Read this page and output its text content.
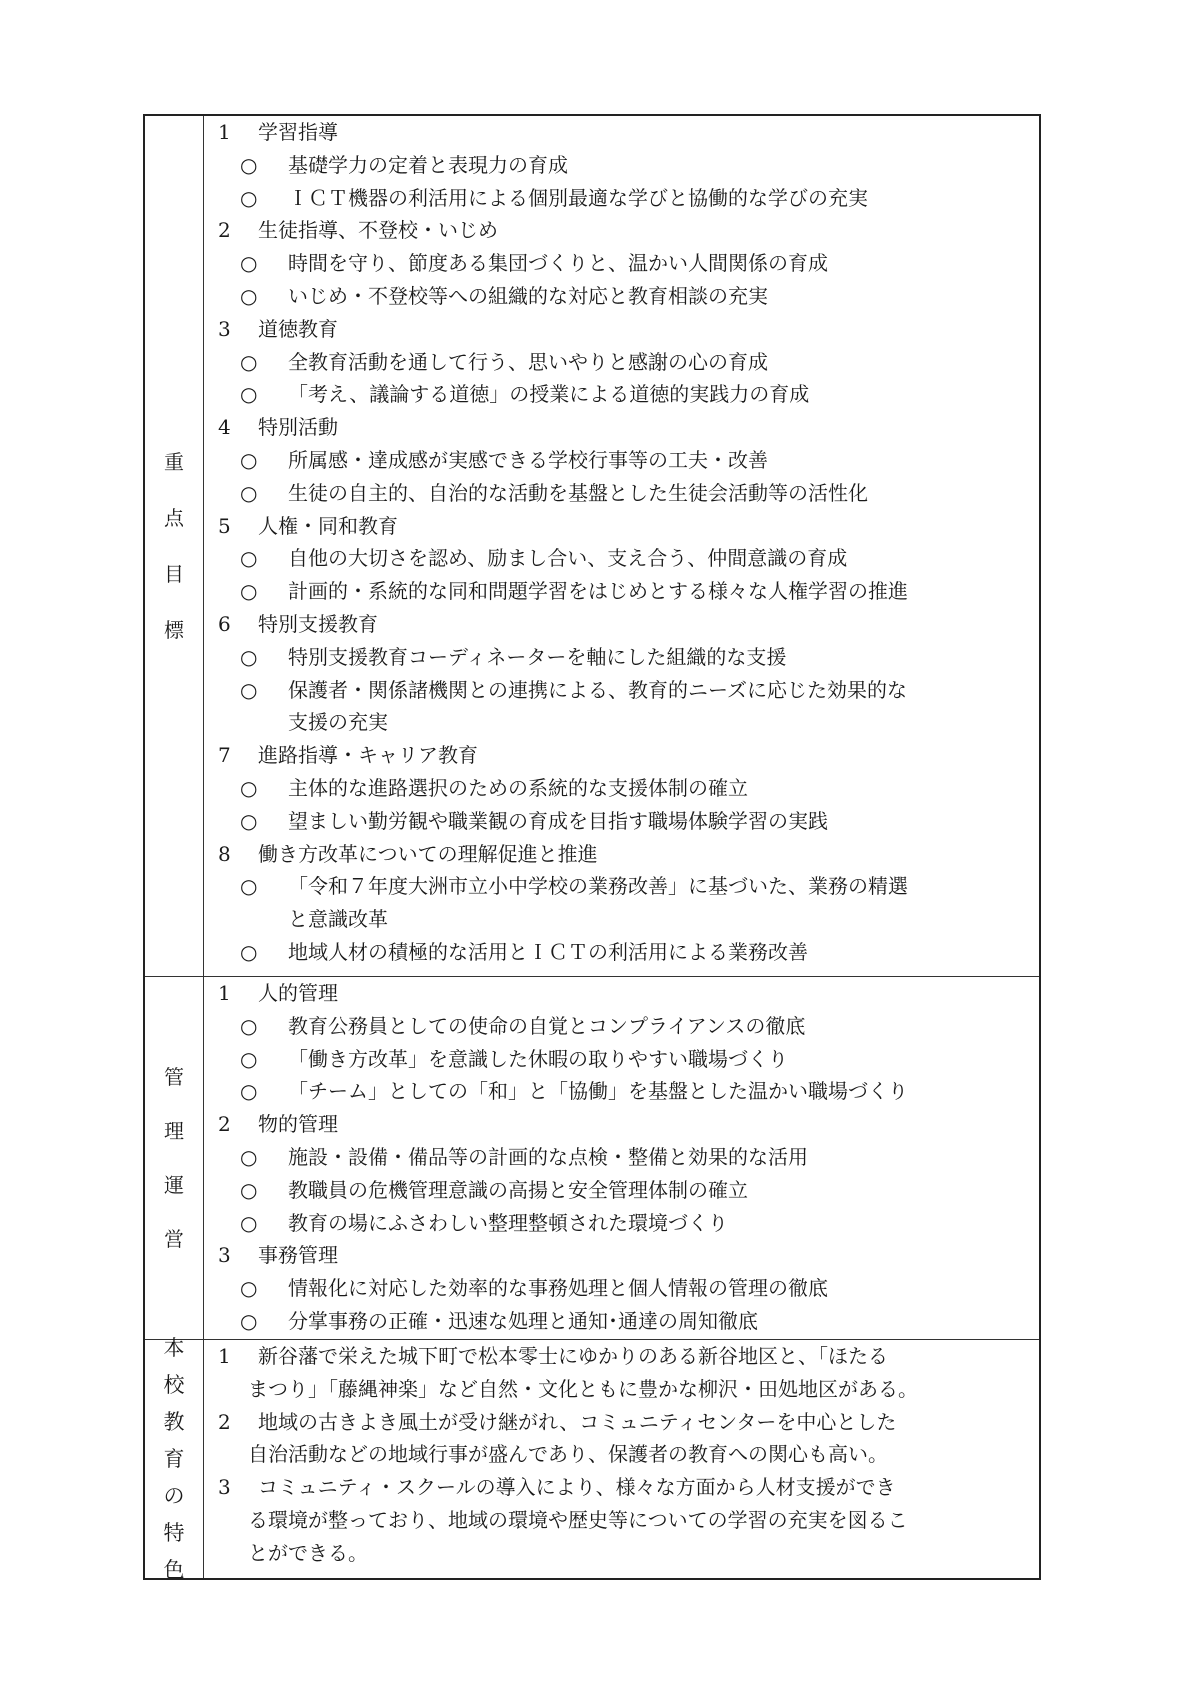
重
点
目
標
1 学習指導
○ 基礎学力の定着と表現力の育成
○ ＩＣＴ機器の利活用による個別最適な学びと協働的な学びの充実
2 生徒指導、不登校・いじめ
○ 時間を守り、節度ある集団づくりと、温かい人間関係の育成
○ いじめ・不登校等への組織的な対応と教育相談の充実
3 道徳教育
○ 全教育活動を通して行う、思いやりと感謝の心の育成
○ 「考え、議論する道徳」の授業による道徳的実践力の育成
4 特別活動
○ 所属感・達成感が実感できる学校行事等の工夫・改善
○ 生徒の自主的、自治的な活動を基盤とした生徒会活動等の活性化
5 人権・同和教育
○ 自他の大切さを認め、励まし合い、支え合う、仲間意識の育成
○ 計画的・系統的な同和問題学習をはじめとする様々な人権学習の推進
6 特別支援教育
○ 特別支援教育コーディネーターを軸にした組織的な支援
○ 保護者・関係諸機関との連携による、教育的ニーズに応じた効果的な
支援の充実
7 進路指導・キャリア教育
○ 主体的な進路選択のための系統的な支援体制の確立
○ 望ましい勤労観や職業観の育成を目指す職場体験学習の実践
8 働き方改革についての理解促進と推進
○ 「令和７年度大洲市立小中学校の業務改善」に基づいた、業務の精選
と意識改革
○ 地域人材の積極的な活用とＩＣＴの利活用による業務改善
管
理
運
営
1 人的管理
○ 教育公務員としての使命の自覚とコンプライアンスの徹底
○ 「働き方改革」を意識した休暇の取りやすい職場づくり
○ 「チーム」としての「和」と「協働」を基盤とした温かい職場づくり
2 物的管理
○ 施設・設備・備品等の計画的な点検・整備と効果的な活用
○ 教職員の危機管理意識の高揚と安全管理体制の確立
○ 教育の場にふさわしい整理整頓された環境づくり
3 事務管理
○ 情報化に対応した効率的な事務処理と個人情報の管理の徹底
○ 分掌事務の正確・迅速な処理と通知･通達の周知徹底
本
校
教
育
の
特
色
1 新谷藩で栄えた城下町で松本零士にゆかりのある新谷地区と、「ほたる
まつり」「藤縄神楽」など自然・文化ともに豊かな柳沢・田処地区がある。
2 地域の古きよき風土が受け継がれ、コミュニティセンターを中心とした
自治活動などの地域行事が盛んであり、保護者の教育への関心も高い。
3 コミュニティ・スクールの導入により、様々な方面から人材支援ができ
る環境が整っており、地域の環境や歴史等についての学習の充実を図るこ
とができる。
